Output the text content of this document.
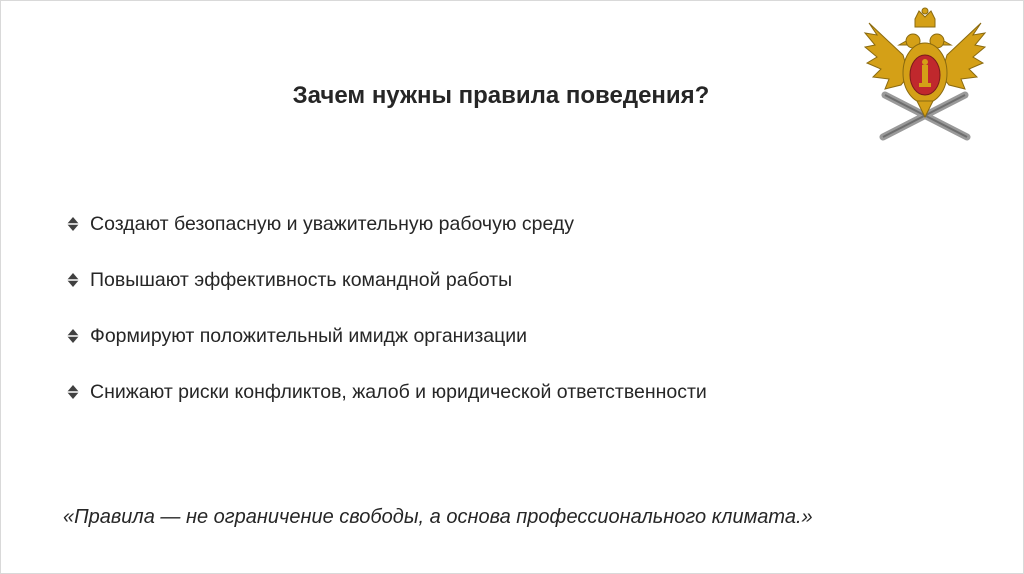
Зачем нужны правила поведения?
Создают безопасную и уважительную рабочую среду
Повышают эффективность командной работы
Формируют положительный имидж организации
Снижают риски конфликтов, жалоб и юридической ответственности
«Правила — не ограничение свободы, а основа профессионального климата.»
